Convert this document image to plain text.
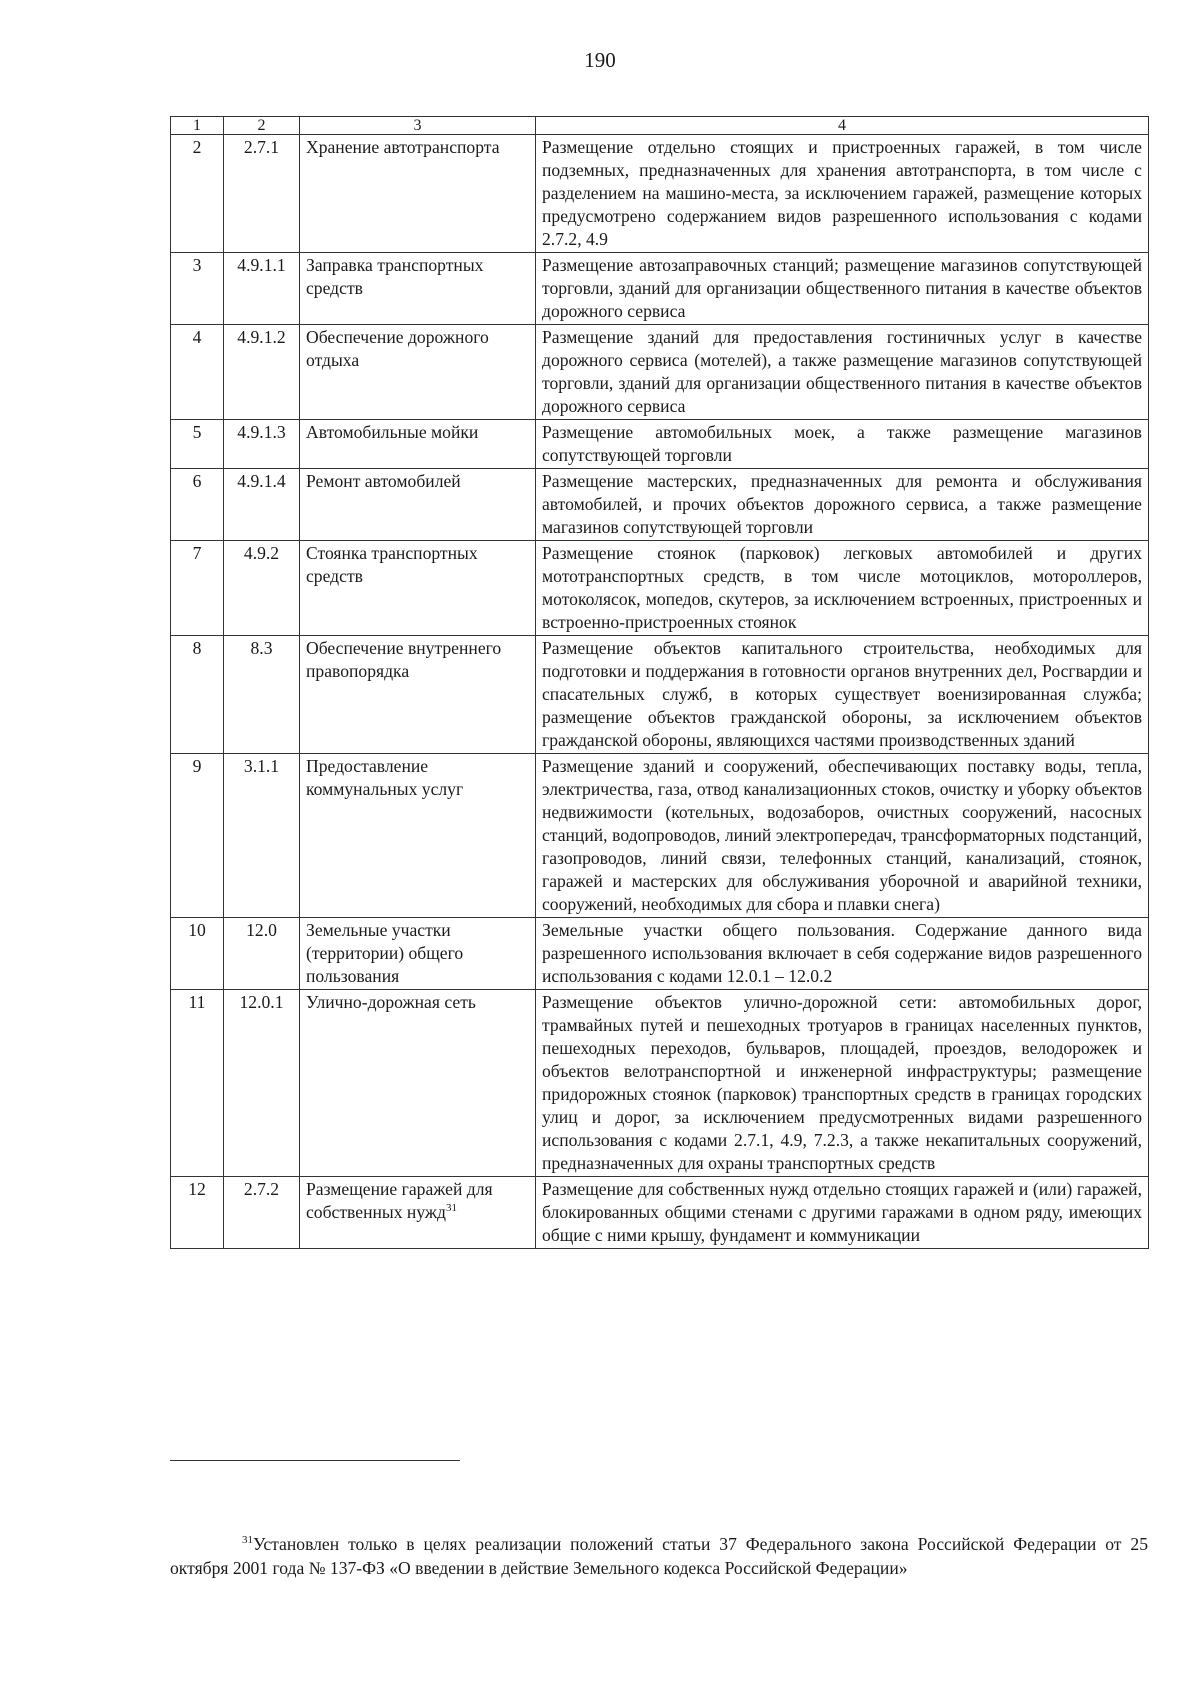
190
1	2	3	4
2	2.7.1	Хранение автотранспорта	Размещение отдельно стоящих и пристроенных гаражей, в том числе подземных, предназначенных для хранения автотранспорта, в том числе с разделением на машино-места, за исключением гаражей, размещение которых предусмотрено содержанием видов разрешенного использования с кодами 2.7.2, 4.9
3	4.9.1.1	Заправка транспортных средств	Размещение автозаправочных станций; размещение магазинов сопутствующей торговли, зданий для организации общественного питания в качестве объектов дорожного сервиса
4	4.9.1.2	Обеспечение дорожного отдыха	Размещение зданий для предоставления гостиничных услуг в качестве дорожного сервиса (мотелей), а также размещение магазинов сопутствующей торговли, зданий для организации общественного питания в качестве объектов дорожного сервиса
5	4.9.1.3	Автомобильные мойки	Размещение автомобильных моек, а также размещение магазинов сопутствующей торговли
6	4.9.1.4	Ремонт автомобилей	Размещение мастерских, предназначенных для ремонта и обслуживания автомобилей, и прочих объектов дорожного сервиса, а также размещение магазинов сопутствующей торговли
7	4.9.2	Стоянка транспортных средств	Размещение стоянок (парковок) легковых автомобилей и других мототранспортных средств, в том числе мотоциклов, мотороллеров, мотоколясок, мопедов, скутеров, за исключением встроенных, пристроенных и встроенно-пристроенных стоянок
8	8.3	Обеспечение внутреннего правопорядка	Размещение объектов капитального строительства, необходимых для подготовки и поддержания в готовности органов внутренних дел, Росгвардии и спасательных служб, в которых существует военизированная служба; размещение объектов гражданской обороны, за исключением объектов гражданской обороны, являющихся частями производственных зданий
9	3.1.1	Предоставление коммунальных услуг	Размещение зданий и сооружений, обеспечивающих поставку воды, тепла, электричества, газа, отвод канализационных стоков, очистку и уборку объектов недвижимости (котельных, водозаборов, очистных сооружений, насосных станций, водопроводов, линий электропередач, трансформаторных подстанций, газопроводов, линий связи, телефонных станций, канализаций, стоянок, гаражей и мастерских для обслуживания уборочной и аварийной техники, сооружений, необходимых для сбора и плавки снега)
10	12.0	Земельные участки (территории) общего пользования	Земельные участки общего пользования. Содержание данного вида разрешенного использования включает в себя содержание видов разрешенного использования с кодами 12.0.1 – 12.0.2
11	12.0.1	Улично-дорожная сеть	Размещение объектов улично-дорожной сети: автомобильных дорог, трамвайных путей и пешеходных тротуаров в границах населенных пунктов, пешеходных переходов, бульваров, площадей, проездов, велодорожек и объектов велотранспортной и инженерной инфраструктуры; размещение придорожных стоянок (парковок) транспортных средств в границах городских улиц и дорог, за исключением предусмотренных видами разрешенного использования с кодами 2.7.1, 4.9, 7.2.3, а также некапитальных сооружений, предназначенных для охраны транспортных средств
12	2.7.2	Размещение гаражей для собственных нужд$^{31}$	Размещение для собственных нужд отдельно стоящих гаражей и (или) гаражей, блокированных общими стенами с другими гаражами в одном ряду, имеющих общие с ними крышу, фундамент и коммуникации
$^{31}$Установлен только в целях реализации положений статьи 37 Федерального закона Российской Федерации от 25 октября 2001 года № 137-ФЗ «О введении в действие Земельного кодекса Российской Федерации»
